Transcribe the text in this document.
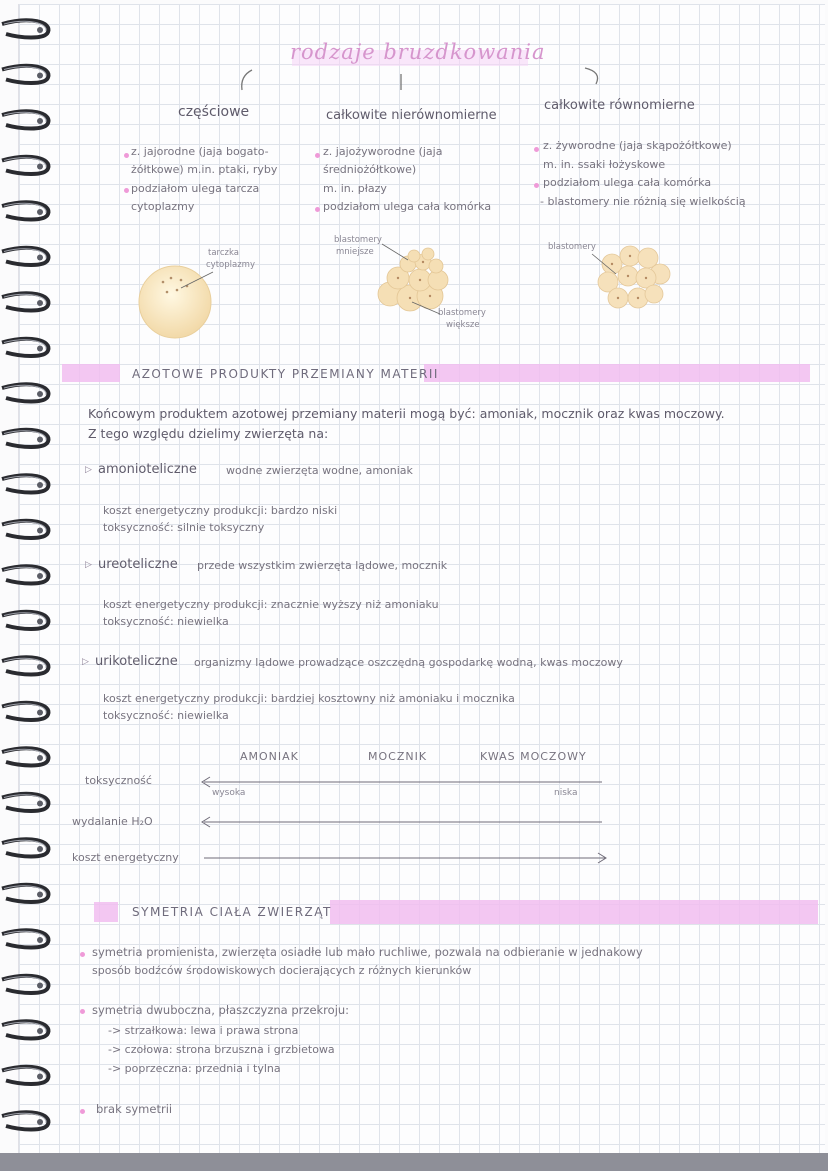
rodzaje bruzdkowania
częściowe
z. jajorodne (jaja bogato-
żółtkowe) m.in. ptaki, ryby
podziałom ulega tarcza
cytoplazmy
tarczka
cytoplazmy
całkowite nierównomierne
z. jajożyworodne (jaja
średniożółtkowe)
m. in. płazy
podziałom ulega cała komórka
blastomery
mniejsze
blastomery
większe
całkowite równomierne
z. żyworodne (jaja skąpożółtkowe)
m. in. ssaki łożyskowe
podziałom ulega cała komórka
- blastomery nie różnią się wielkością
blastomery
AZOTOWE PRODUKTY PRZEMIANY MATERII
Końcowym produktem azotowej przemiany materii mogą być: amoniak, mocznik oraz kwas moczowy.
Z tego względu dzielimy zwierzęta na:
▷ amonioteliczne	wodne zwierzęta wodne, amoniak
koszt energetyczny produkcji: bardzo niski
toksyczność: silnie toksyczny
▷ ureoteliczne przede wszystkim zwierzęta lądowe, mocznik
koszt energetyczny produkcji: znacznie wyższy niż amoniaku
toksyczność: niewielka
▷ urikoteliczne organizmy lądowe prowadzące oszczędną gospodarkę wodną, kwas moczowy
koszt energetyczny produkcji: bardziej kosztowny niż amoniaku i mocznika
toksyczność: niewielka
AMONIAK	MOCZNIK	KWAS MOCZOWY
toksyczność
wysoka	niska
wydalanie H₂O
koszt energetyczny
SYMETRIA CIAŁA ZWIERZĄT
symetria promienista, zwierzęta osiadłe lub mało ruchliwe, pozwala na odbieranie w jednakowy
sposób bodźców środowiskowych docierających z różnych kierunków
symetria dwuboczna, płaszczyzna przekroju:
-> strzałkowa: lewa i prawa strona
-> czołowa: strona brzuszna i grzbietowa
-> poprzeczna: przednia i tylna
brak symetrii
